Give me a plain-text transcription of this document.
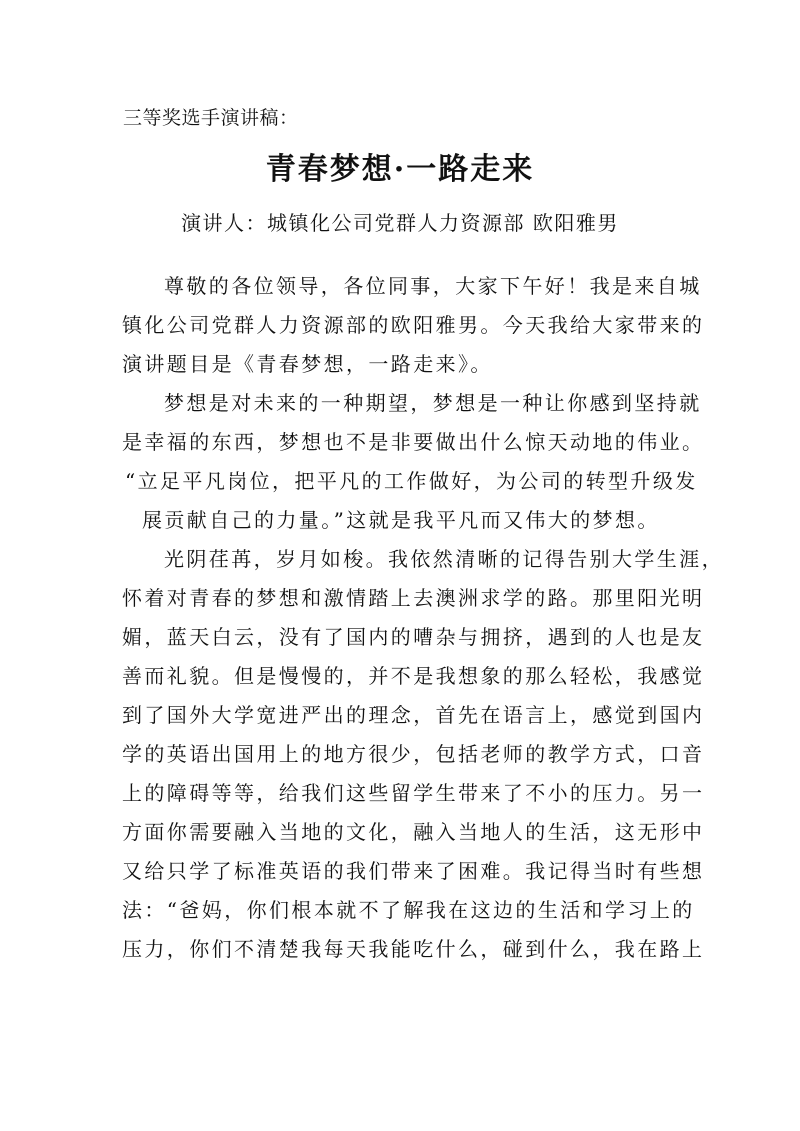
三等奖选手演讲稿：
青春梦想·一路走来
演讲人：城镇化公司党群人力资源部 欧阳雅男
尊敬的各位领导，各位同事，大家下午好！我是来自城
镇化公司党群人力资源部的欧阳雅男。今天我给大家带来的
演讲题目是《青春梦想，一路走来》。
梦想是对未来的一种期望，梦想是一种让你感到坚持就
是幸福的东西，梦想也不是非要做出什么惊天动地的伟业。
“立足平凡岗位，把平凡的工作做好，为公司的转型升级发
展贡献自己的力量。”这就是我平凡而又伟大的梦想。
光阴荏苒，岁月如梭。我依然清晰的记得告别大学生涯，
怀着对青春的梦想和激情踏上去澳洲求学的路。那里阳光明
媚，蓝天白云，没有了国内的嘈杂与拥挤，遇到的人也是友
善而礼貌。但是慢慢的，并不是我想象的那么轻松，我感觉
到了国外大学宽进严出的理念，首先在语言上，感觉到国内
学的英语出国用上的地方很少，包括老师的教学方式，口音
上的障碍等等，给我们这些留学生带来了不小的压力。另一
方面你需要融入当地的文化，融入当地人的生活，这无形中
又给只学了标准英语的我们带来了困难。我记得当时有些想
法：“爸妈，你们根本就不了解我在这边的生活和学习上的
压力，你们不清楚我每天我能吃什么，碰到什么，我在路上
